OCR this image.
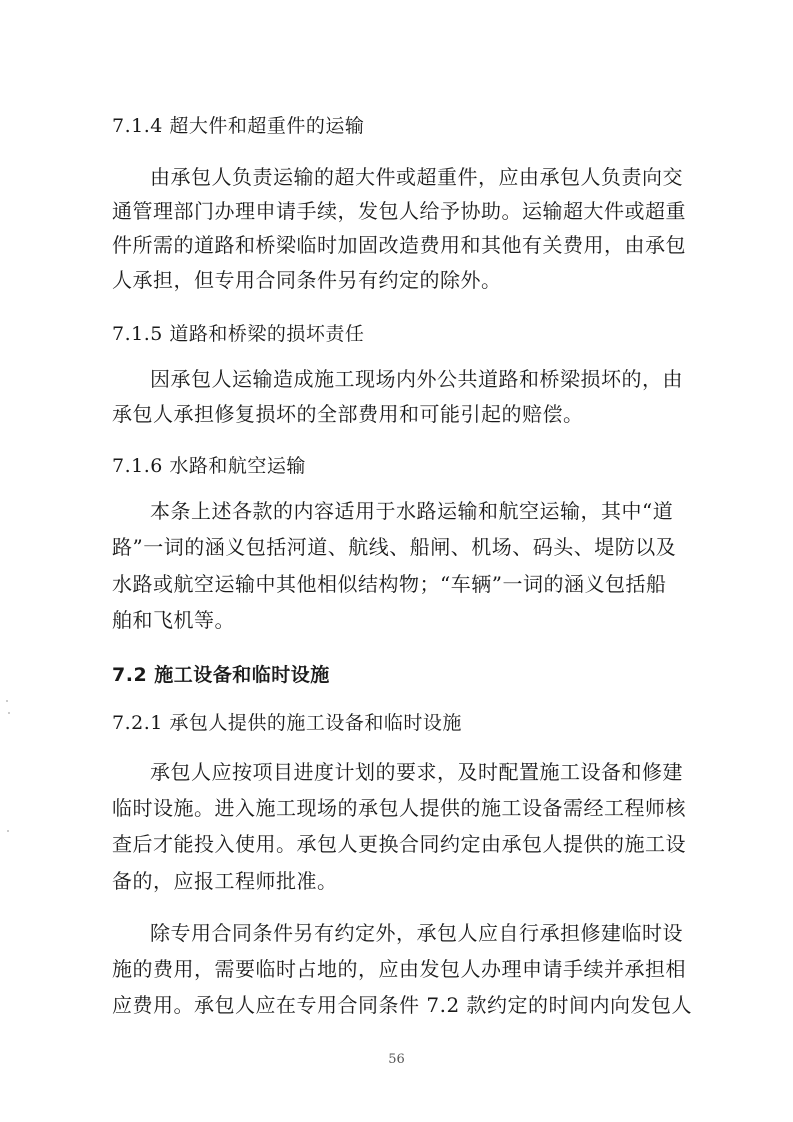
7.1.4 超大件和超重件的运输
由承包人负责运输的超大件或超重件，应由承包人负责向交
通管理部门办理申请手续，发包人给予协助。运输超大件或超重
件所需的道路和桥梁临时加固改造费用和其他有关费用，由承包
人承担，但专用合同条件另有约定的除外。
7.1.5 道路和桥梁的损坏责任
因承包人运输造成施工现场内外公共道路和桥梁损坏的，由
承包人承担修复损坏的全部费用和可能引起的赔偿。
7.1.6 水路和航空运输
本条上述各款的内容适用于水路运输和航空运输，其中“道
路”一词的涵义包括河道、航线、船闸、机场、码头、堤防以及
水路或航空运输中其他相似结构物；“车辆”一词的涵义包括船
舶和飞机等。
7.2 施工设备和临时设施
7.2.1 承包人提供的施工设备和临时设施
承包人应按项目进度计划的要求，及时配置施工设备和修建
临时设施。进入施工现场的承包人提供的施工设备需经工程师核
查后才能投入使用。承包人更换合同约定由承包人提供的施工设
备的，应报工程师批准。
除专用合同条件另有约定外，承包人应自行承担修建临时设
施的费用，需要临时占地的，应由发包人办理申请手续并承担相
应费用。承包人应在专用合同条件 7.2 款约定的时间内向发包人
56
